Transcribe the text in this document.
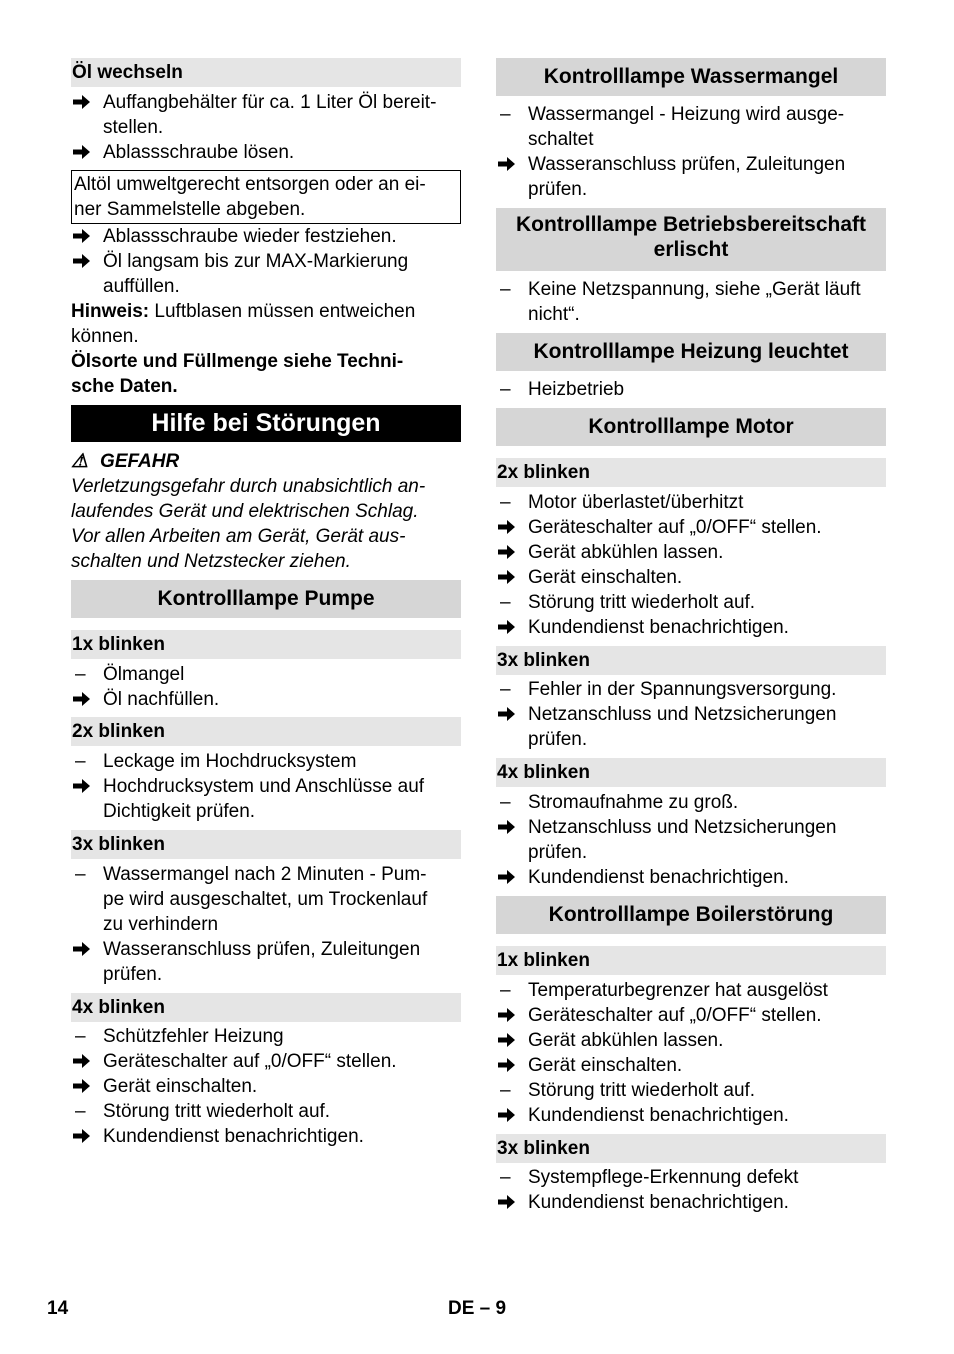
Öl wechseln
Auffangbehälter für ca. 1 Liter Öl bereit-
stellen.
Ablassschraube lösen.
Altöl umweltgerecht entsorgen oder an ei-
ner Sammelstelle abgeben.
Ablassschraube wieder festziehen.
Öl langsam bis zur MAX-Markierung
auffüllen.
Hinweis: Luftblasen müssen entweichen
können.
Ölsorte und Füllmenge siehe Techni-
sche Daten.
Hilfe bei Störungen
⚠ GEFAHR
Verletzungsgefahr durch unabsichtlich an-
laufendes Gerät und elektrischen Schlag.
Vor allen Arbeiten am Gerät, Gerät aus-
schalten und Netzstecker ziehen.
Kontrolllampe Pumpe
1x blinken
– Ölmangel
Öl nachfüllen.
2x blinken
– Leckage im Hochdrucksystem
Hochdrucksystem und Anschlüsse auf
Dichtigkeit prüfen.
3x blinken
– Wassermangel nach 2 Minuten - Pum-
pe wird ausgeschaltet, um Trockenlauf
zu verhindern
Wasseranschluss prüfen, Zuleitungen
prüfen.
4x blinken
– Schützfehler Heizung
Geräteschalter auf „0/OFF“ stellen.
Gerät einschalten.
– Störung tritt wiederholt auf.
Kundendienst benachrichtigen.
Kontrolllampe Wassermangel
– Wassermangel - Heizung wird ausge-
schaltet
Wasseranschluss prüfen, Zuleitungen
prüfen.
Kontrolllampe Betriebsbereitschaft
erlischt
– Keine Netzspannung, siehe „Gerät läuft
nicht“.
Kontrolllampe Heizung leuchtet
– Heizbetrieb
Kontrolllampe Motor
2x blinken
– Motor überlastet/überhitzt
Geräteschalter auf „0/OFF“ stellen.
Gerät abkühlen lassen.
Gerät einschalten.
– Störung tritt wiederholt auf.
Kundendienst benachrichtigen.
3x blinken
– Fehler in der Spannungsversorgung.
Netzanschluss und Netzsicherungen
prüfen.
4x blinken
– Stromaufnahme zu groß.
Netzanschluss und Netzsicherungen
prüfen.
Kundendienst benachrichtigen.
Kontrolllampe Boilerstörung
1x blinken
– Temperaturbegrenzer hat ausgelöst
Geräteschalter auf „0/OFF“ stellen.
Gerät abkühlen lassen.
Gerät einschalten.
– Störung tritt wiederholt auf.
Kundendienst benachrichtigen.
3x blinken
– Systempflege-Erkennung defekt
Kundendienst benachrichtigen.
14	DE – 9
